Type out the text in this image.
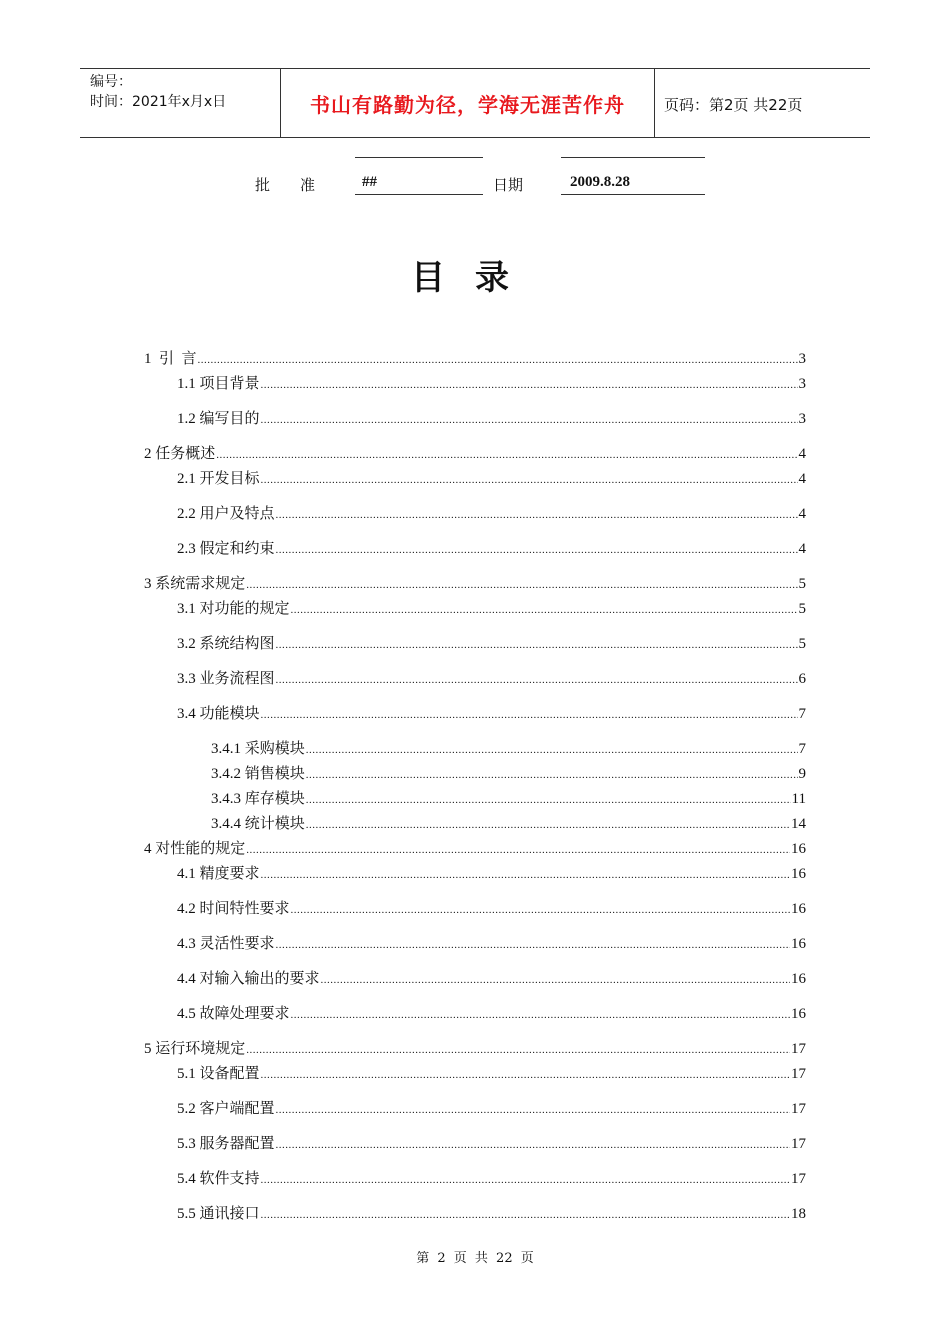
编号：
时间：2021年x月x日	书山有路勤为径，学海无涯苦作舟	页码：第2页 共22页
批　　准	##	日期	2009.8.28
目录
1  引  言 .....	3
1.1 项目背景 .....	3
1.2 编写目的 .....	3
2 任务概述 .....	4
2.1 开发目标 .....	4
2.2 用户及特点 .....	4
2.3 假定和约束 .....	4
3 系统需求规定 .....	5
3.1 对功能的规定 .....	5
3.2 系统结构图 .....	5
3.3 业务流程图 .....	6
3.4 功能模块 .....	7
3.4.1 采购模块 .....	7
3.4.2 销售模块 .....	9
3.4.3 库存模块 .....	11
3.4.4 统计模块 .....	14
4 对性能的规定 .....	16
4.1 精度要求 .....	16
4.2 时间特性要求 .....	16
4.3 灵活性要求 .....	16
4.4 对输入输出的要求 .....	16
4.5 故障处理要求 .....	16
5 运行环境规定 .....	17
5.1 设备配置 .....	17
5.2 客户端配置 .....	17
5.3 服务器配置 .....	17
5.4 软件支持 .....	17
5.5 通讯接口 .....	18
第 2 页 共 22 页
